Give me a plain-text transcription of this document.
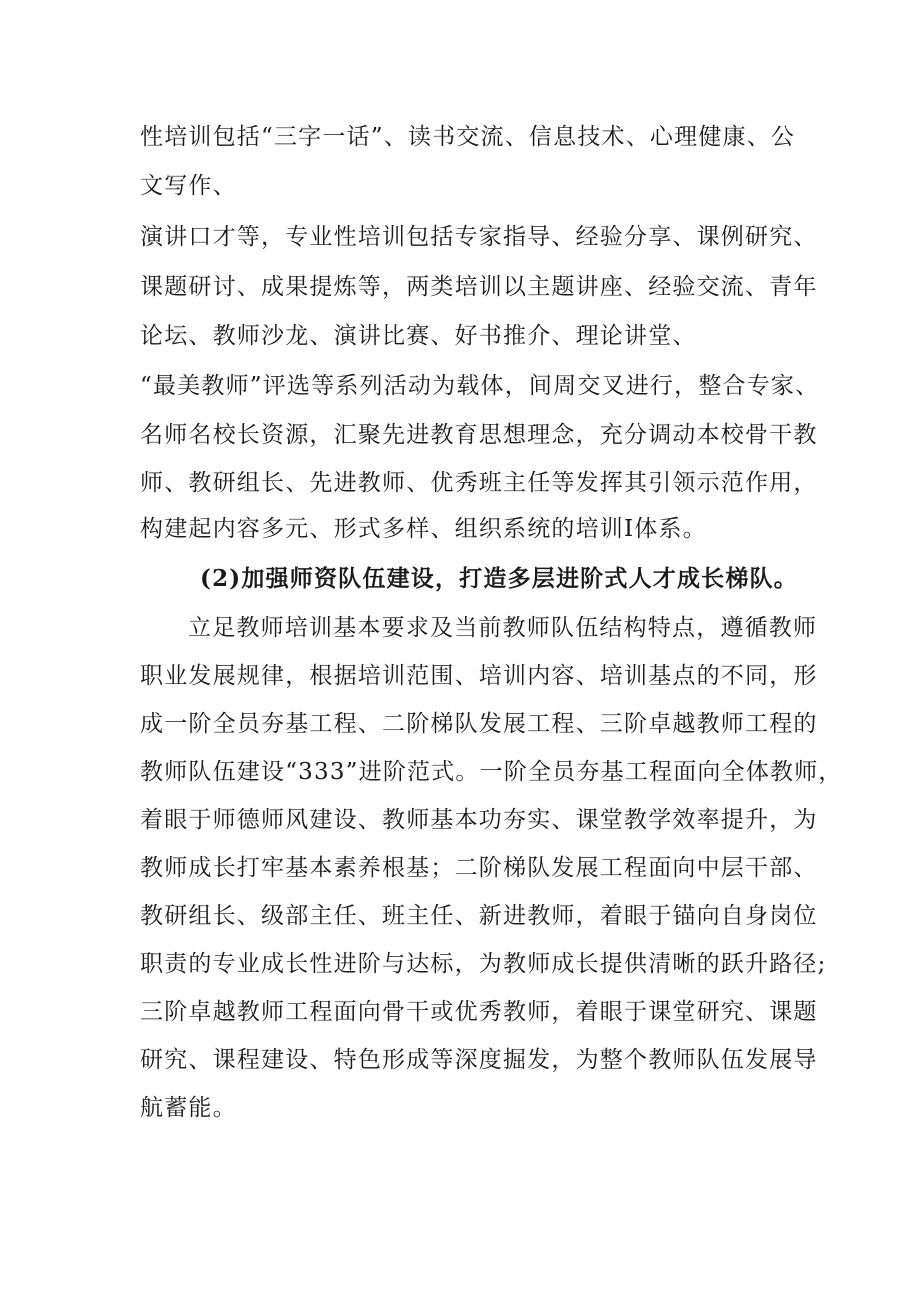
性培训包括“三字一话”、读书交流、信息技术、心理健康、公
文写作、
演讲口才等，专业性培训包括专家指导、经验分享、课例研究、
课题研讨、成果提炼等，两类培训以主题讲座、经验交流、青年
论坛、教师沙龙、演讲比赛、好书推介、理论讲堂、
“最美教师”评选等系列活动为载体，间周交叉进行，整合专家、
名师名校长资源，汇聚先进教育思想理念，充分调动本校骨干教
师、教研组长、先进教师、优秀班主任等发挥其引领示范作用，
构建起内容多元、形式多样、组织系统的培训I体系。
(2)加强师资队伍建设，打造多层进阶式人才成长梯队。
立足教师培训基本要求及当前教师队伍结构特点，遵循教师
职业发展规律，根据培训范围、培训内容、培训基点的不同，形
成一阶全员夯基工程、二阶梯队发展工程、三阶卓越教师工程的
教师队伍建设“333”进阶范式。一阶全员夯基工程面向全体教师，
着眼于师德师风建设、教师基本功夯实、课堂教学效率提升，为
教师成长打牢基本素养根基；二阶梯队发展工程面向中层干部、
教研组长、级部主任、班主任、新进教师，着眼于锚向自身岗位
职责的专业成长性进阶与达标，为教师成长提供清晰的跃升路径;
三阶卓越教师工程面向骨干或优秀教师，着眼于课堂研究、课题
研究、课程建设、特色形成等深度掘发，为整个教师队伍发展导
航蓄能。
